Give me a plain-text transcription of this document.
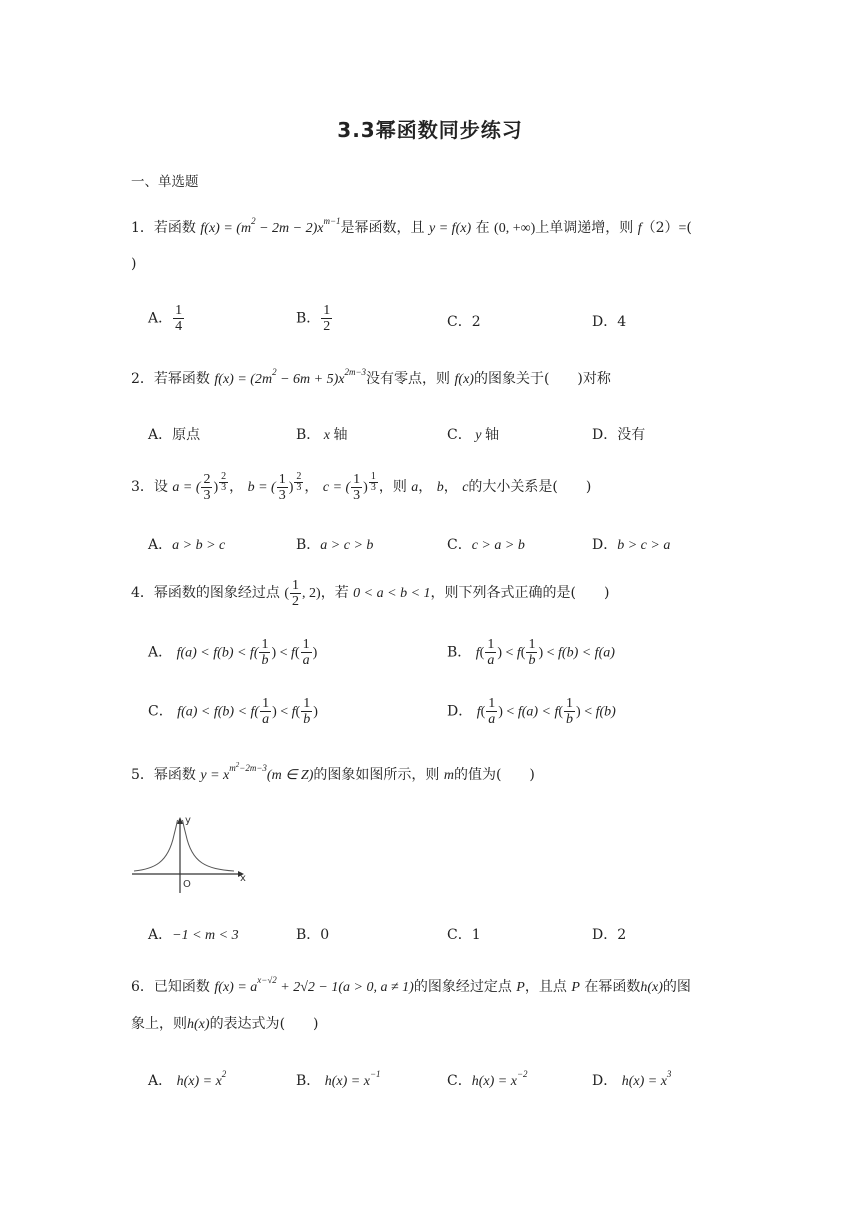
3.3幂函数同步练习
一、单选题
1．若函数 $f(x) = (m^2 - 2m - 2)x^{m-1}$是幂函数，且 y = f(x) 在 (0, +∞)上单调递增，则 f（2）=(
)
A． $\frac{1}{4}$	B． $\frac{1}{2}$	C．2	D．4
2．若幂函数 $f(x) = (2m^2 - 6m + 5)x^{2m-3}$没有零点，则 f(x)的图象关于(　　)对称
A．原点	B． x 轴	C． y 轴	D．没有
3．设 a = ( $\frac{2}{3}$ ) $\frac{2}{3}$ ， b = ( $\frac{1}{3}$ ) $\frac{2}{3}$ ， c = ( $\frac{1}{3}$ ) $\frac{1}{3}$ ，则 a， b， c的大小关系是(　　)
A．a > b > c	B．a > c > b	C．c > a > b	D．b > c > a
4．幂函数的图象经过点 ( $\frac{1}{2}$ , 2)，若 0 < a < b < 1，则下列各式正确的是(　　)
A． $f(a) < f(b) < f( \frac{1}{b}$ ) < $f( \frac{1}{a}$ )	B． $f( \frac{1}{a}$ ) < $f( \frac{1}{b}$ ) < f(b) < f(a)
C． $f(a) < f(b) < f( \frac{1}{a}$ ) < $f( \frac{1}{b}$ )	D． $f( \frac{1}{a}$ ) < $f(a) < f( \frac{1}{b}$ ) < f(b)
5．幂函数 $y = x^{m^2-2m-3}(m$ ∈ Z)的图象如图所示，则 m的值为(　　)
y
x
O
A．−1 < m < 3	B．0	C．1	D．2
6．已知函数 $f(x) = a^{x-√2} + 2√2 - 1(a > 0$, a ≠ 1)的图象经过定点 P，且点 P 在幂函数h(x)的图
象上，则h(x)的表达式为(　　)
A． $h(x) = x^2$	B． $h(x) = x^{-1}$	C．$h(x) = x^{-2}$	D． $h(x) = x^3$
